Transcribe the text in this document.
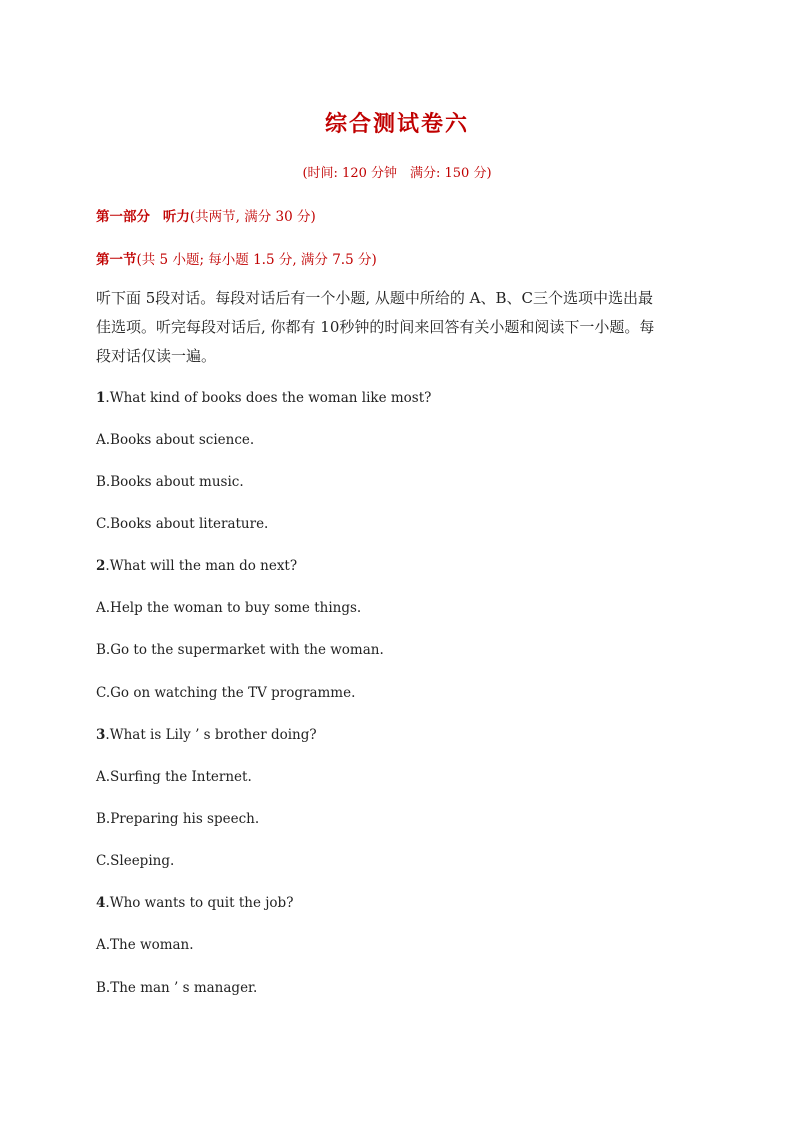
综合测试卷六
(时间: 120 分钟　满分: 150 分)
第一部分 听力(共两节, 满分 30 分)
第一节(共 5 小题; 每小题 1.5 分, 满分 7.5 分)
听下面 5段对话。每段对话后有一个小题, 从题中所给的 A、B、C三个选项中选出最
佳选项。听完每段对话后, 你都有 10秒钟的时间来回答有关小题和阅读下一小题。每
段对话仅读一遍。
1.What kind of books does the woman like most?
A.Books about science.
B.Books about music.
C.Books about literature.
2.What will the man do next?
A.Help the woman to buy some things.
B.Go to the supermarket with the woman.
C.Go on watching the TV programme.
3.What is Lily ’ s brother doing?
A.Surfing the Internet.
B.Preparing his speech.
C.Sleeping.
4.Who wants to quit the job?
A.The woman.
B.The man ’ s manager.
